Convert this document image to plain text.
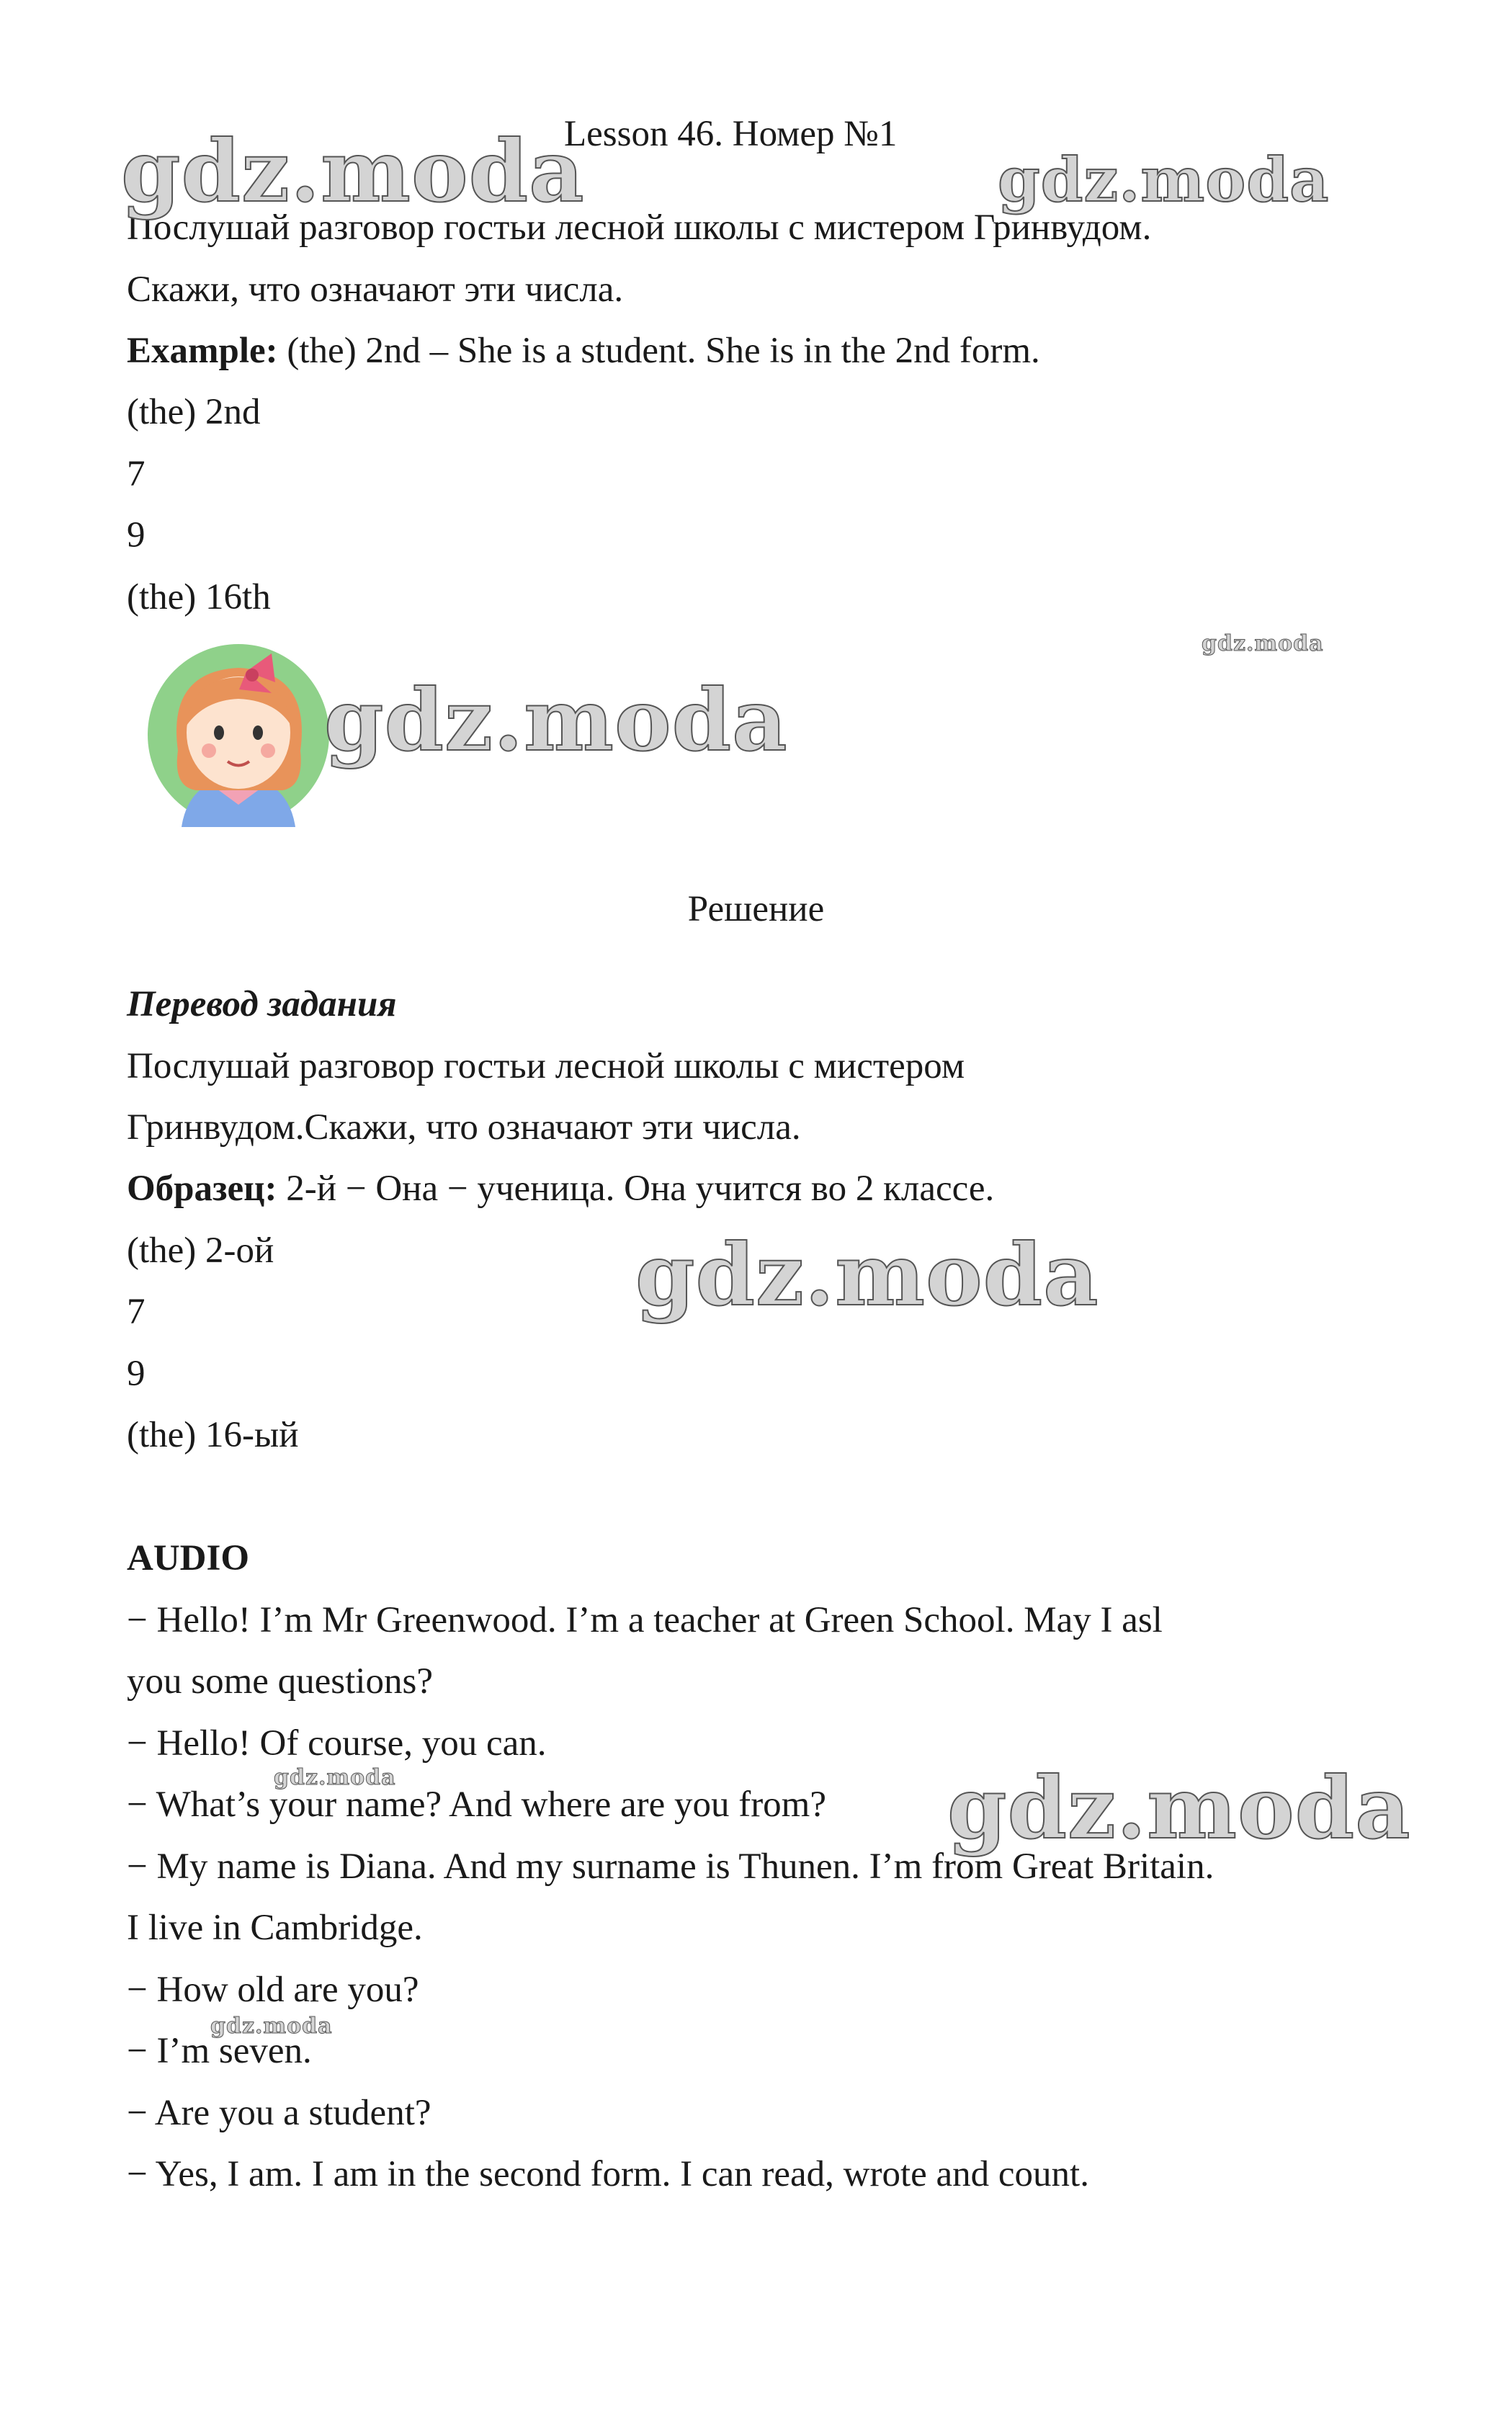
Lesson 46. Номер №1

Послушай разговор гостьи лесной школы с мистером Гринвудом.

Скажи, что означают эти числа.

Example: (the) 2nd – She is a student. She is in the 2nd form.

(the) 2nd

7

9

(the) 16th

Решение

Перевод задания

Послушай разговор гостьи лесной школы с мистером

Гринвудом.Скажи, что означают эти числа.

Образец: 2-й − Она − ученица. Она учится во 2 классе.

(the) 2-ой

7

9

(the) 16-ый

AUDIO

− Hello! I’m Mr Greenwood. I’m a teacher at Green School. May I asl

you some questions?

− Hello! Of course, you can.

− What’s your name? And where are you from?

− My name is Diana. And my surname is Thunen. I’m from Great Britain.

I live in Cambridge.

− How old are you?

− I’m seven.

− Are you a student?

− Yes, I am. I am in the second form. I can read, wrote and count.

gdz.moda	gdz.moda
gdz.moda
gdz.moda
gdz.moda
gdz.moda	gdz.moda
gdz.moda
